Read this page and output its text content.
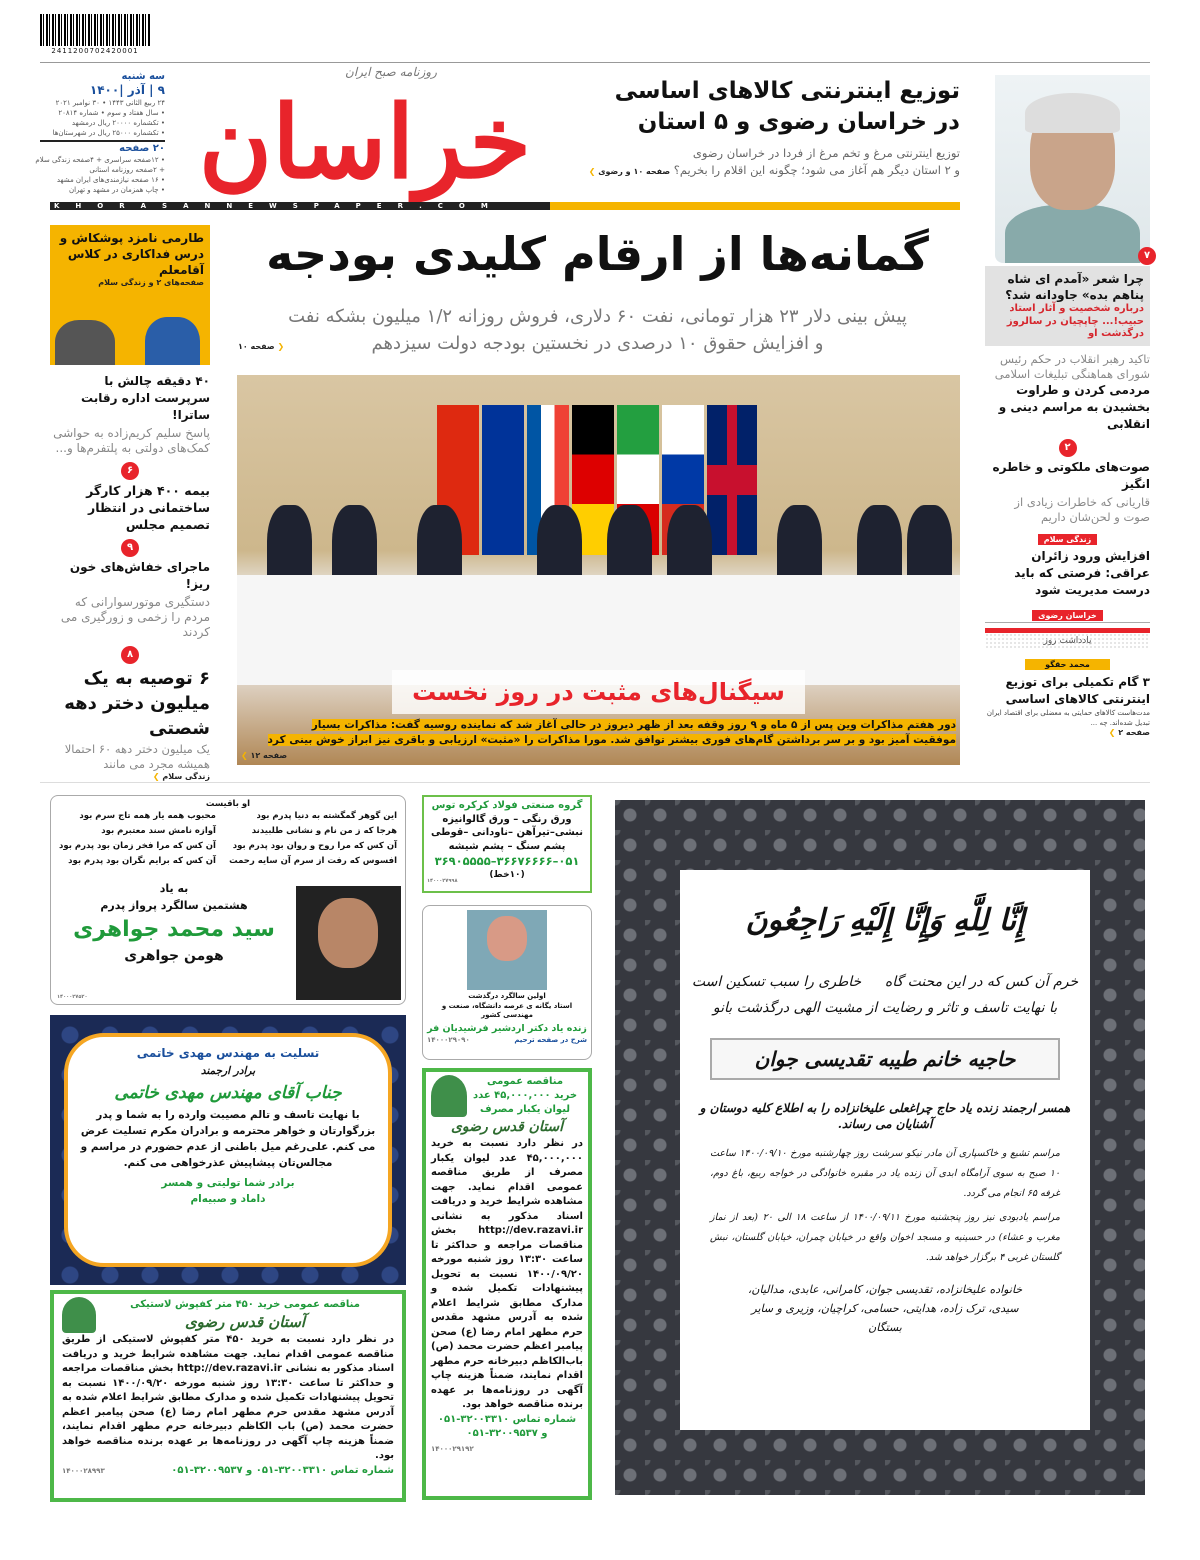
2411200702420001
سه شنبه
۹ | آذر |۱۴۰۰
۲۴ ربیع الثانی ۱۴۴۳ • ۳۰ نوامبر ۲۰۲۱
• سال هفتاد و سوم • شماره ۲۰۸۱۴
• تکشماره ۲۰۰۰۰ ریال درمشهد
• تکشماره ۲۵۰۰۰ ریال در شهرستان‌ها
۲۰ صفحه
• ۱۲صفحه سراسری + ۴صفحه زندگی سلام
+ ۲صفحه روزنامه استانی
• ۱۶ صفحه نیازمندی‌های ایران مشهد
• چاپ همزمان در مشهد و تهران
روزنامه صبح ایران
خراسان
KHORASANNEWSPAPER.COM
توزیع اینترنتی کالاهای اساسی
در خراسان رضوی و ۵ استان
توزیع اینترنتی مرغ و تخم مرغ از فردا در خراسان رضوی
و ۲ استان دیگر هم آغاز می شود؛ چگونه این اقلام را بخریم؟ صفحه ۱۰ و رضوی ❯
۷
چرا شعر «آمدم ای شاه پناهم بده» جاودانه شد؟
درباره شخصیت و آثار استاد حبیب!... چاپچیان در سالروز درگذشت او
تاکید رهبر انقلاب در حکم رئیس شورای هماهنگی تبلیغات اسلامی
مردمی کردن و طراوت بخشیدن به مراسم دینی و انقلابی
۲
صوت‌های ملکوتی و خاطره انگیز
قاریانی که خاطرات زیادی از صوت و لحن‌شان داریم
زندگی سلام
افزایش ورود زائران عراقی: فرصتی که باید درست مدیریت شود
خراسان رضوی
یادداشت روز
محمد حقگو
۳ گام تکمیلی برای توزیع اینترنتی کالاهای اساسی
مدت‌هاست کالاهای حمایتی به معضلی برای اقتصاد ایران تبدیل شده‌اند. چه ...
صفحه ۲ ❯
گمانه‌ها از ارقام کلیدی بودجه
پیش بینی دلار ۲۳ هزار تومانی، نفت ۶۰ دلاری، فروش روزانه ۱/۲ میلیون بشکه نفت
و افزایش حقوق ۱۰ درصدی در نخستین بودجه دولت سیزدهم
صفحه ۱۰ ❯
سیگنال‌های مثبت در روز نخست
دور هفتم مذاکرات وین پس از ۵ ماه و ۹ روز وقفه بعد از ظهر دیروز در حالی آغاز شد که نماینده روسیه گفت: مذاکرات بسیار
موفقیت آمیز بود و بر سر برداشتن گام‌های فوری بیشتر توافق شد. مورا مذاکرات را «مثبت» ارزیابی و باقری نیز ابراز خوش بینی کرد
صفحه ۱۲ ❯
طارمی نامزد پوشکاش و درس فداکاری در کلاس آقامعلم
صفحه‌های ۲ و زندگی سلام ❯
۴۰ دقیقه چالش با سرپرست اداره رقابت ساترا!
پاسخ سلیم کریم‌زاده به حواشی کمک‌های دولتی به پلتفرم‌ها و...
۶
بیمه ۴۰۰ هزار کارگر ساختمانی در انتظار تصمیم مجلس
۹
ماجرای خفاش‌های خون ریز!
دستگیری موتورسوارانی که مردم را زخمی و زورگیری می کردند
۸
۶ توصیه به یک میلیون دختر دهه شصتی
یک میلیون دختر دهه ۶۰ احتمالا همیشه مجرد می مانند
زندگی سلام ❯
او باقیست
این گوهر گمگشته به دنیا پدرم بود
محبوب همه یار همه تاج سرم بود
هرجا که ز من نام و نشانی طلبیدند
آوازه نامش سند معتبرم بود
آن کس که مرا روح و روان بود پدرم بود
آن کس که مرا فخر زمان بود پدرم بود
افسوس که رفت از سرم آن سایه رحمت
آن کس که برایم نگران بود پدرم بود
به یاد
هشتمین سالگرد پرواز پدرم
سید محمد جواهری
هومن جواهری
۱۴۰۰۰۲۷۵۲۰
گروه صنعتی فولاد کرکره توس
ورق رنگی – ورق گالوانیزه
نبشی–تیرآهن –ناودانی –قوطی
پشم سنگ – پشم شیشه
۰۵۱–۳۶۶۷۶۶۶۶–۳۶۹۰۵۵۵۵
(۱۰خط)
۱۴۰۰۰۲۷۹۹۸
اولین سالگرد درگذشت
استاد یگانه ی عرصه دانشگاه، صنعت و مهندسی کشور
زنده یاد دکتر اردشیر فرشیدیان فر
شرح در صفحه ترحیم
۱۴۰۰۰۲۹۰۹۰
تسلیت به مهندس مهدی خاتمی
برادر ارجمند
جناب آقای مهندس مهدی خاتمی
با نهایت تاسف و تالم مصیبت وارده را به شما و پدر بزرگوارتان و خواهر محترمه و برادران مکرم تسلیت عرض می کنم. علی‌رغم میل باطنی از عدم حضورم در مراسم و مجالس‌تان پیشاپیش عذرخواهی می کنم.
برادر شما تولیتی و همسر
داماد و صبیه‌ام
مناقصه عمومی خرید ۴۵۰ متر کفپوش لاستیکی
آستان قدس رضوی
در نظر دارد نسبت به خرید ۴۵۰ متر کفپوش لاستیکی از طریق مناقصه عمومی اقدام نماید. جهت مشاهده شرایط خرید و دریافت اسناد مذکور به نشانی http://dev.razavi.ir بخش مناقصات مراجعه و حداکثر تا ساعت ۱۳:۳۰ روز شنبه مورخه ۱۴۰۰/۰۹/۲۰ نسبت به تحویل پیشنهادات تکمیل شده و مدارک مطابق شرایط اعلام شده به آدرس مشهد مقدس حرم مطهر امام رضا (ع) صحن پیامبر اعظم حضرت محمد (ص) باب الکاظم دبیرخانه حرم مطهر اقدام نمایند، ضمناً هزینه چاپ آگهی در روزنامه‌ها بر عهده برنده مناقصه خواهد بود.
شماره تماس ۳۲۰۰۳۳۱۰-۰۵۱ و ۳۲۰۰۹۵۳۷-۰۵۱
۱۴۰۰۰۲۸۹۹۳
مناقصه عمومی
خرید ۴۵,۰۰۰,۰۰۰ عدد
لیوان یکبار مصرف
آستان قدس رضوی
در نظر دارد نسبت به خرید ۴۵,۰۰۰,۰۰۰ عدد لیوان یکبار مصرف از طریق مناقصه عمومی اقدام نماید. جهت مشاهده شرایط خرید و دریافت اسناد مذکور به نشانی http://dev.razavi.ir بخش مناقصات مراجعه و حداکثر تا ساعت ۱۳:۳۰ روز شنبه مورخه ۱۴۰۰/۰۹/۲۰ نسبت به تحویل پیشنهادات تکمیل شده و مدارک مطابق شرایط اعلام شده به آدرس مشهد مقدس حرم مطهر امام رضا (ع) صحن پیامبر اعظم حضرت محمد (ص) باب‌الکاظم دبیرخانه حرم مطهر اقدام نمایند، ضمناً هزینه چاپ آگهی در روزنامه‌ها بر عهده برنده مناقصه خواهد بود.
شماره تماس ۳۲۰۰۳۳۱۰-۰۵۱
و ۳۲۰۰۹۵۳۷-۰۵۱
۱۴۰۰۰۲۹۱۹۲
إِنَّا لِلَّهِ وَإِنَّا إِلَيْهِ رَاجِعُونَ
خرم آن کس که در این محنت گاه
خاطری را سبب تسکین است
با نهایت تاسف و تاثر و رضایت از مشیت الهی درگذشت بانو
حاجیه خانم طیبه تقدیسی جوان
همسر ارجمند زنده یاد حاج چراغعلی علیخانزاده را به اطلاع کلیه دوستان و آشنایان می رساند.
مراسم تشیع و خاکسپاری آن مادر نیکو سرشت روز چهارشنبه مورخ ۱۴۰۰/۰۹/۱۰ ساعت ۱۰ صبح به سوی آرامگاه ابدی آن زنده یاد در مقبره خانوادگی در خواجه ربیع، باغ دوم، غرفه ۶۵ انجام می گردد.
مراسم یادبودی نیز روز پنجشنبه مورخ ۱۴۰۰/۰۹/۱۱ از ساعت ۱۸ الی ۲۰ (بعد از نماز مغرب و عشاء) در حسینیه و مسجد اخوان واقع در خیابان چمران، خیابان گلستان، نبش گلستان غربی ۴ برگزار خواهد شد.
خانواده علیخانزاده، تقدیسی جوان، کامرانی، عابدی، مدالیان، سیدی، ترک زاده، هدایتی، حسامی، کراچیان، وزیری و سایر بستگان
